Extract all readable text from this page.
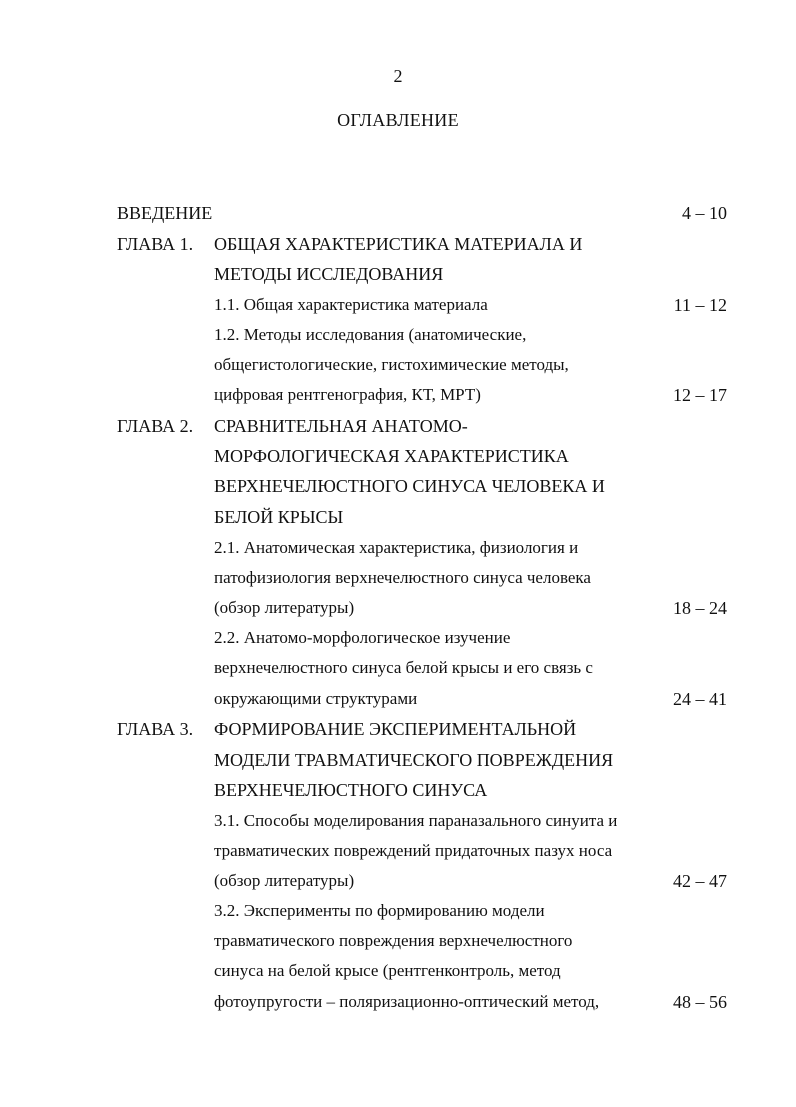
2
ОГЛАВЛЕНИЕ
ВВЕДЕНИЕ	4 – 10
ГЛАВА 1. ОБЩАЯ ХАРАКТЕРИСТИКА МАТЕРИАЛА И
МЕТОДЫ ИССЛЕДОВАНИЯ
1.1. Общая характеристика материала	11 – 12
1.2. Методы исследования (анатомические,
общегистологические, гистохимические методы,
цифровая рентгенография, КТ, МРТ)	12 – 17
ГЛАВА 2. СРАВНИТЕЛЬНАЯ АНАТОМО-
МОРФОЛОГИЧЕСКАЯ ХАРАКТЕРИСТИКА
ВЕРХНЕЧЕЛЮСТНОГО СИНУСА ЧЕЛОВЕКА И
БЕЛОЙ КРЫСЫ
2.1. Анатомическая характеристика, физиология и
патофизиология верхнечелюстного синуса человека
(обзор литературы)	18 – 24
2.2. Анатомо-морфологическое изучение
верхнечелюстного синуса белой крысы и его связь с
окружающими структурами	24 – 41
ГЛАВА 3. ФОРМИРОВАНИЕ ЭКСПЕРИМЕНТАЛЬНОЙ
МОДЕЛИ ТРАВМАТИЧЕСКОГО ПОВРЕЖДЕНИЯ
ВЕРХНЕЧЕЛЮСТНОГО СИНУСА
3.1. Способы моделирования параназального синуита и
травматических повреждений придаточных пазух носа
(обзор литературы)	42 – 47
3.2. Эксперименты по формированию модели
травматического повреждения верхнечелюстного
синуса на белой крысе (рентгенконтроль, метод
фотоупругости – поляризационно-оптический метод,	48 – 56
